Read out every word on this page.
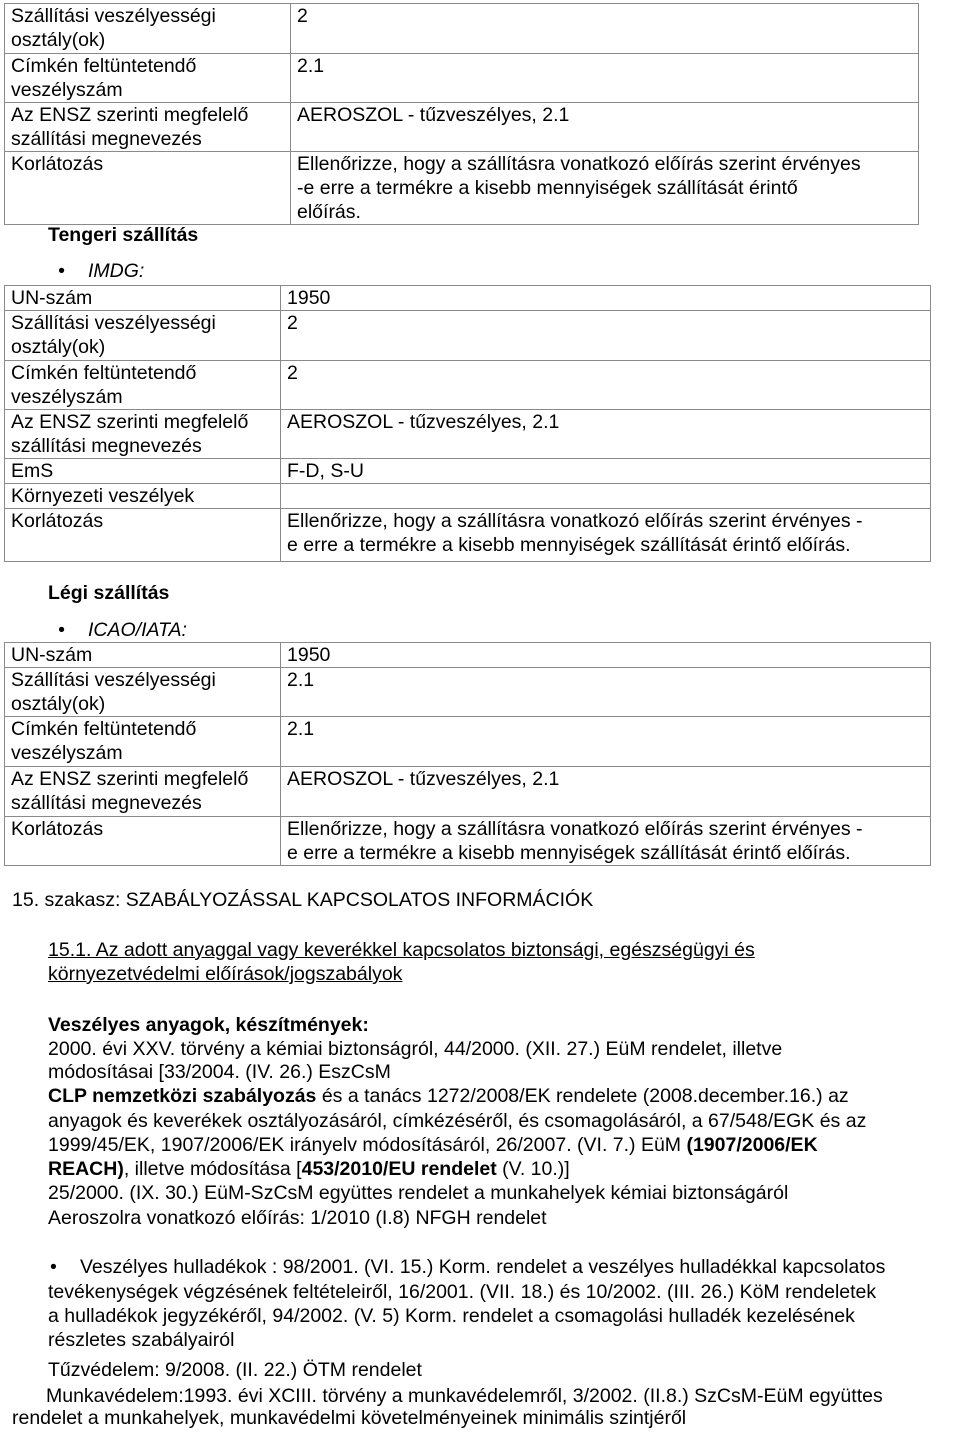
Szállítási veszélyességi
osztály(ok)	2

Címkén feltüntetendő
veszélyszám	2.1

Az ENSZ szerinti megfelelő
szállítási megnevezés	AEROSZOL - tűzveszélyes, 2.1

Korlátozás	Ellenőrizze, hogy a szállításra vonatkozó előírás szerint érvényes
-e erre a termékre a kisebb mennyiségek szállítását érintő
előírás.
Tengeri szállítás
• IMDG:
UN-szám	1950

Szállítási veszélyességi
osztály(ok)	2

Címkén feltüntetendő
veszélyszám	2

Az ENSZ szerinti megfelelő
szállítási megnevezés	AEROSZOL - tűzveszélyes, 2.1

EmS	F-D, S-U

Környezeti veszélyek	

Korlátozás	Ellenőrizze, hogy a szállításra vonatkozó előírás szerint érvényes -
e erre a termékre a kisebb mennyiségek szállítását érintő előírás.
Légi szállítás
• ICAO/IATA:
UN-szám	1950

Szállítási veszélyességi
osztály(ok)	2.1

Címkén feltüntetendő
veszélyszám	2.1

Az ENSZ szerinti megfelelő
szállítási megnevezés	AEROSZOL - tűzveszélyes, 2.1

Korlátozás	Ellenőrizze, hogy a szállításra vonatkozó előírás szerint érvényes -
e erre a termékre a kisebb mennyiségek szállítását érintő előírás.
15. szakasz: SZABÁLYOZÁSSAL KAPCSOLATOS INFORMÁCIÓK
15.1. Az adott anyaggal vagy keverékkel kapcsolatos biztonsági, egészségügyi és
környezetvédelmi előírások/jogszabályok
Veszélyes anyagok, készítmények:
2000. évi XXV. törvény a kémiai biztonságról, 44/2000. (XII. 27.) EüM rendelet, illetve
módosításai [33/2004. (IV. 26.) EszCsM
CLP nemzetközi szabályozás és a tanács 1272/2008/EK rendelete (2008.december.16.) az
anyagok és keverékek osztályozásáról, címkézéséről, és csomagolásáról, a 67/548/EGK és az
1999/45/EK, 1907/2006/EK irányelv módosításáról, 26/2007. (VI. 7.) EüM (1907/2006/EK
REACH), illetve módosítása [453/2010/EU rendelet (V. 10.)]
25/2000. (IX. 30.) EüM-SzCsM együttes rendelet a munkahelyek kémiai biztonságáról
Aeroszolra vonatkozó előírás: 1/2010 (I.8) NFGH rendelet
• Veszélyes hulladékok : 98/2001. (VI. 15.) Korm. rendelet a veszélyes hulladékkal kapcsolatos
tevékenységek végzésének feltételeiről, 16/2001. (VII. 18.) és 10/2002. (III. 26.) KöM rendeletek
a hulladékok jegyzékéről, 94/2002. (V. 5) Korm. rendelet a csomagolási hulladék kezelésének
részletes szabályairól
Tűzvédelem: 9/2008. (II. 22.) ÖTM rendelet
Munkavédelem:1993. évi XCIII. törvény a munkavédelemről, 3/2002. (II.8.) SzCsM-EüM együttes
rendelet a munkahelyek, munkavédelmi követelményeinek minimális szintjéről
